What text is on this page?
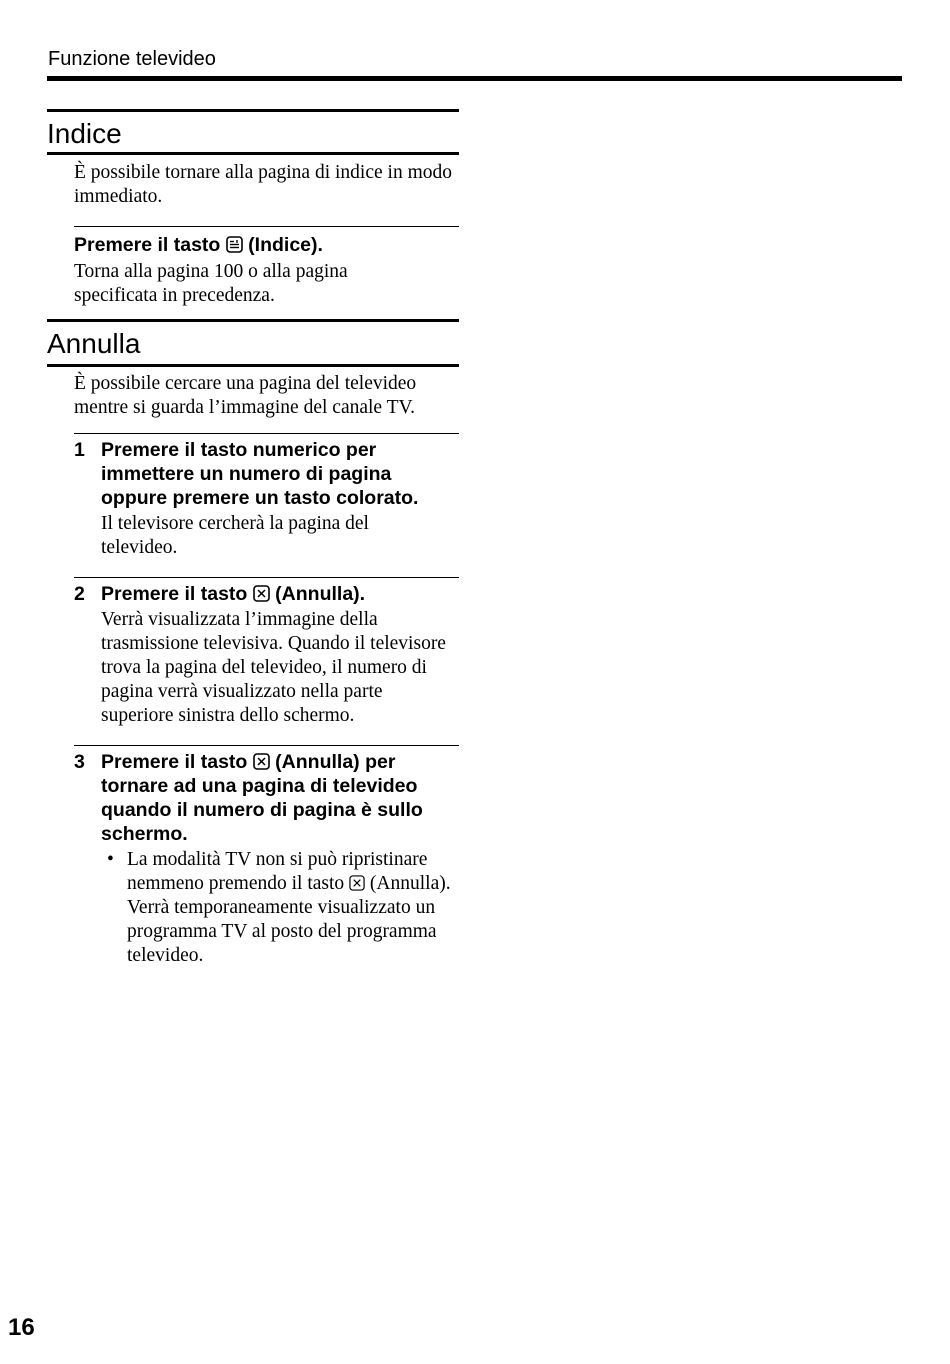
Funzione televideo
Indice
È possibile tornare alla pagina di indice in modo immediato.
Premere il tasto (Indice).
Torna alla pagina 100 o alla pagina specificata in precedenza.
Annulla
È possibile cercare una pagina del televideo mentre si guarda l’immagine del canale TV.
1 Premere il tasto numerico per immettere un numero di pagina oppure premere un tasto colorato.
Il televisore cercherà la pagina del televideo.
2 Premere il tasto (Annulla).
Verrà visualizzata l’immagine della trasmissione televisiva. Quando il televisore trova la pagina del televideo, il numero di pagina verrà visualizzato nella parte superiore sinistra dello schermo.
3 Premere il tasto (Annulla) per tornare ad una pagina di televideo quando il numero di pagina è sullo schermo.
• La modalità TV non si può ripristinare nemmeno premendo il tasto (Annulla). Verrà temporaneamente visualizzato un programma TV al posto del programma televideo.
16
